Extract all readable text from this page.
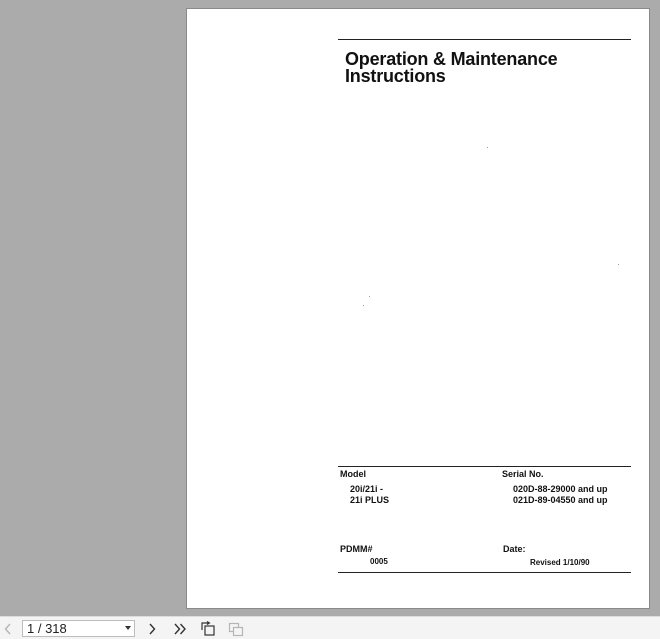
Operation & Maintenance
Instructions
Model
20i/21i -
21i PLUS
Serial No.
020D-88-29000 and up
021D-89-04550 and up
PDMM#
0005
Date:
Revised 1/10/90
1 / 318
